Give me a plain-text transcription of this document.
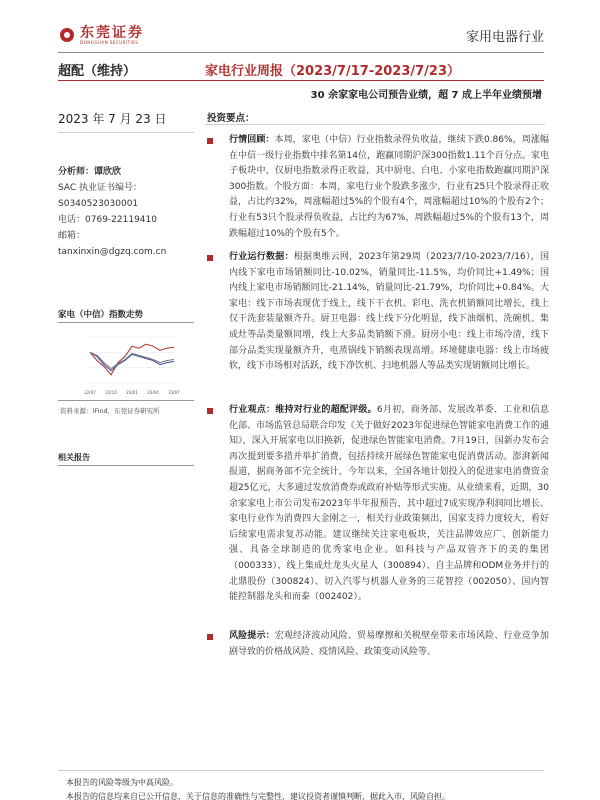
东莞证券
DONGGUAN SECURITIES	家用电器行业
超配（维持）	家电行业周报（2023/7/17-2023/7/23）
30 余家家电公司预告业绩，超 7 成上半年业绩预增
2023 年 7 月 23 日
分析师：谭欣欣
SAC 执业证书编号：
S0340523030001
电话：0769-22119410
邮箱：
tanxinxin@dgzq.com.cn
家电（中信）指数走势
22/07 22/10 23/01 23/04 23/07
资料来源：iFind，东莞证券研究所
相关报告
投资要点：
行情回顾：本周，家电（中信）行业指数录得负收益，继续下跌0.86%，周涨幅在中信一级行业指数中排名第14位，跑赢同期沪深300指数1.11个百分点。家电子板块中，仅厨电指数录得正收益，其中厨电、白电、小家电指数跑赢同期沪深300指数。个股方面：本周，家电行业个股跌多涨少，行业有25只个股录得正收益，占比约32%，周涨幅超过5%的个股有4个，周涨幅超过10%的个股有2个；行业有53只个股录得负收益，占比约为67%，周跌幅超过5%的个股有13个，周跌幅超过10%的个股有5个。
行业运行数据：根据奥维云网，2023年第29周（2023/7/10-2023/7/16），国内线下家电市场销额同比-10.02%，销量同比-11.5%，均价同比+1.49%；国内线上家电市场销额同比-21.14%，销量同比-21.79%，均价同比+0.84%。大家电：线下市场表现优于线上，线下干衣机、彩电、洗衣机销额同比增长，线上仅干洗套装量额齐升。厨卫电器：线上线下分化明显，线下油烟机、洗碗机、集成灶等品类量额同增，线上大多品类销额下滑。厨房小电：线上市场冷清，线下部分品类实现量额齐升，电蒸锅线下销额表现高增。环境健康电器：线上市场疲软，线下市场相对活跃，线下净饮机、扫地机器人等品类实现销额同比增长。
行业观点：维持对行业的超配评级。6月初，商务部、发展改革委、工业和信息化部、市场监管总局联合印发《关于做好2023年促进绿色智能家电消费工作的通知》，深入开展家电以旧换新，促进绿色智能家电消费。7月19日，国新办发布会再次提到要多措并举扩消费，包括持续开展绿色智能家电促消费活动。澎湃新闻报道，据商务部不完全统计，今年以来，全国各地计划投入的促进家电消费资金超25亿元，大多通过发放消费券或政府补贴等形式实施。从业绩来看，近期，30余家家电上市公司发布2023年半年报预告，其中超过7成实现净利润同比增长。家电行业作为消费四大金刚之一，相关行业政策频出，国家支持力度较大，看好后续家电需求复苏动能。建议继续关注家电板块，关注品牌效应广、创新能力强、具备全球制造的优秀家电企业。如科技与产品双管齐下的美的集团（000333）、线上集成灶龙头火星人（300894）、自主品牌和ODM业务并行的北鼎股份（300824）、切入汽零与机器人业务的三花智控（002050）、国内智能控制器龙头和而泰（002402）。
风险提示：宏观经济波动风险、贸易摩擦和关税壁垒带来市场风险、行业竞争加剧导致的价格战风险、疫情风险、政策变动风险等。
本报告的风险等级为中高风险。
本报告的信息均来自已公开信息，关于信息的准确性与完整性，建议投资者谨慎判断，据此入市，风险自担。
